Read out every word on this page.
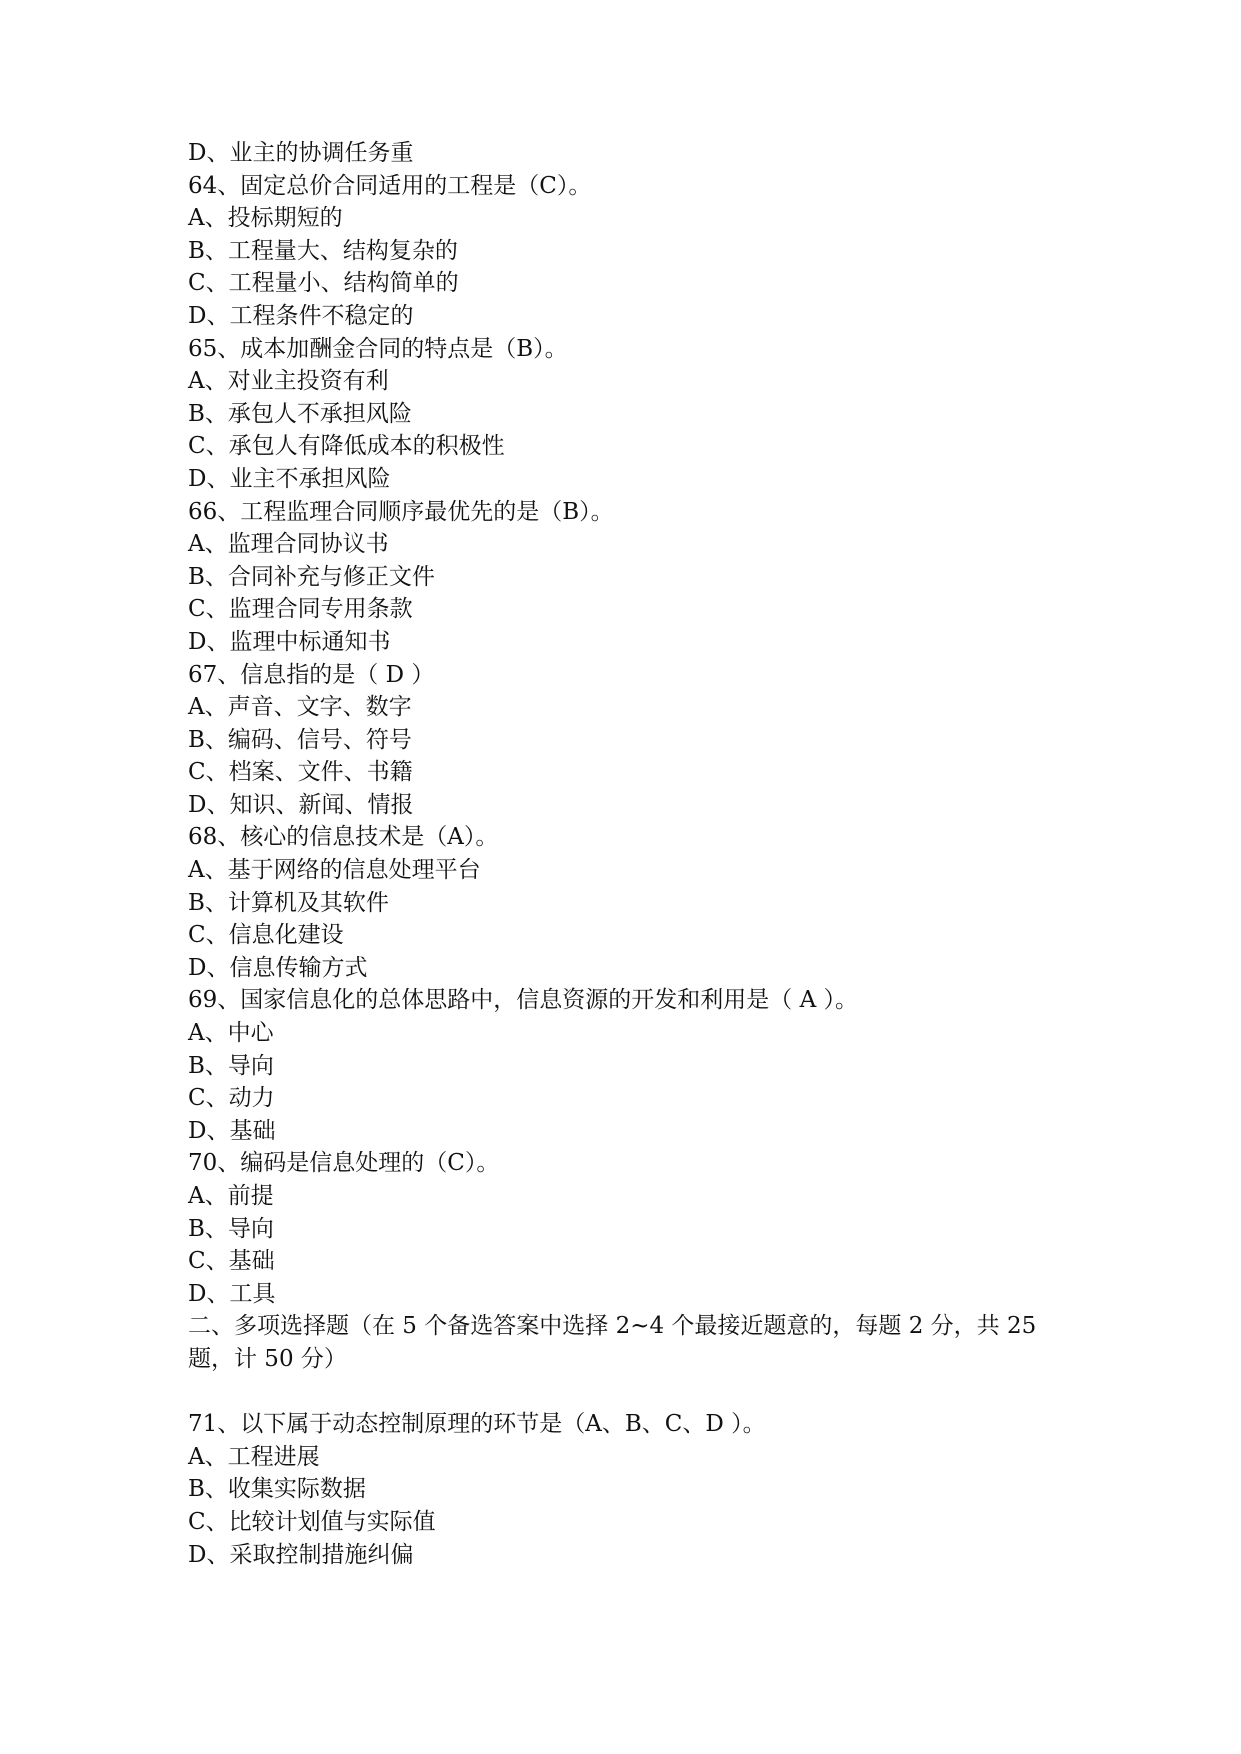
D、业主的协调任务重
64、固定总价合同适用的工程是（C）。
A、投标期短的
B、工程量大、结构复杂的
C、工程量小、结构简单的
D、工程条件不稳定的
65、成本加酬金合同的特点是（B）。
A、对业主投资有利
B、承包人不承担风险
C、承包人有降低成本的积极性
D、业主不承担风险
66、工程监理合同顺序最优先的是（B）。
A、监理合同协议书
B、合同补充与修正文件
C、监理合同专用条款
D、监理中标通知书
67、信息指的是（ D ）
A、声音、文字、数字
B、编码、信号、符号
C、档案、文件、书籍
D、知识、新闻、情报
68、核心的信息技术是（A）。
A、基于网络的信息处理平台
B、计算机及其软件
C、信息化建设
D、信息传输方式
69、国家信息化的总体思路中，信息资源的开发和利用是（ A ）。
A、中心
B、导向
C、动力
D、基础
70、编码是信息处理的（C）。
A、前提
B、导向
C、基础
D、工具
二、多项选择题（在 5 个备选答案中选择 2~4 个最接近题意的，每题 2 分，共 25 题，计 50 分）
71、以下属于动态控制原理的环节是（A、B、C、D ）。
A、工程进展
B、收集实际数据
C、比较计划值与实际值
D、采取控制措施纠偏
